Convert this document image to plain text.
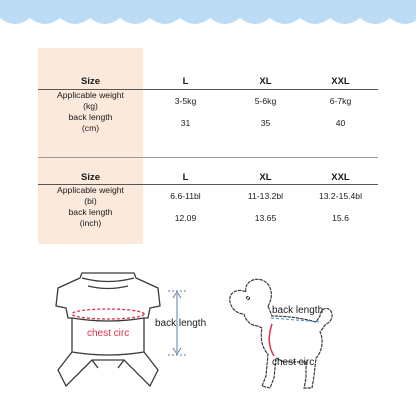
Size	L	XL	XXL
Applicable weight
(kg)	3-5kg	5-6kg	6-7kg
back length
(cm)	31	35	40
Size	L	XL	XXL
Applicable weight
(bi)	6.6-11bl	11-13.2bl	13.2-15.4bl
back length
(inch)	12.09	13.65	15.6
chest circ
back length
back length
chest circ
